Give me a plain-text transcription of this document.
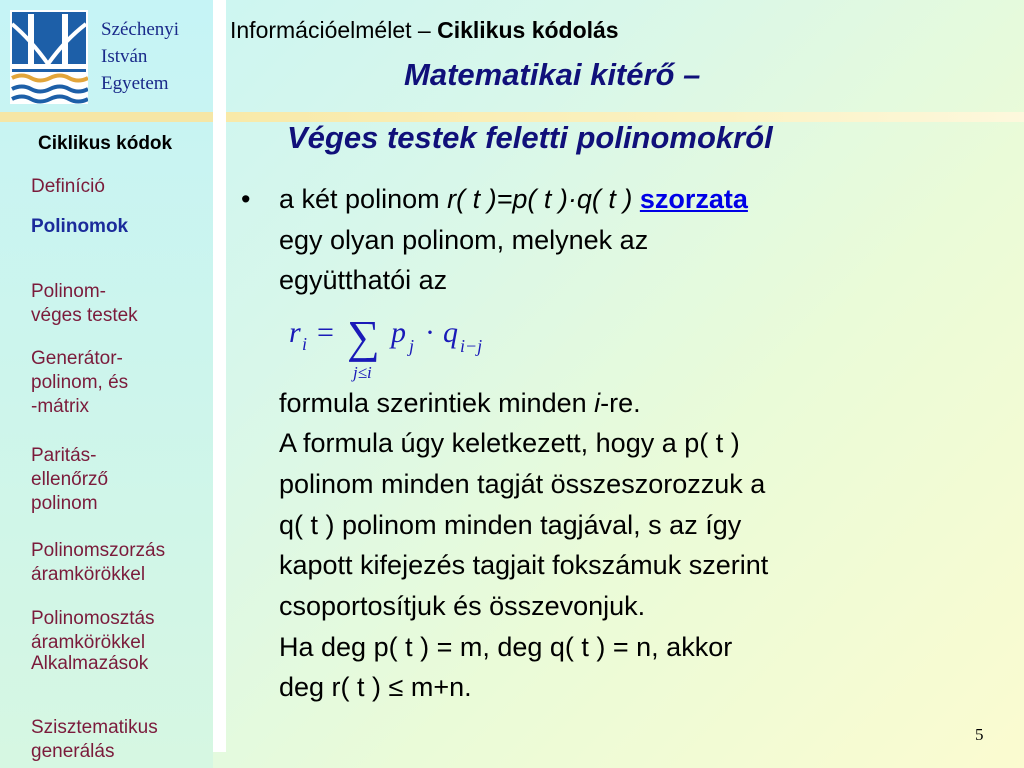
Széchenyi
István
Egyetem
Ciklikus kódok
Definíció
Polinomok

Polinom-
véges testek

Generátor-
polinom, és
-mátrix

Paritás-
ellenőrző
polinom

Polinomszorzás
áramkörökkel

Polinomosztás
áramkörökkel

Alkalmazások

Szisztematikus
generálás

Információelmélet – Ciklikus kódolás
Matematikai kitérő –
Véges testek feletti polinomokról
• a két polinom r( t )=p( t )·q( t ) szorzata
egy olyan polinom, melynek az
együtthatói az
r i = ∑
j≤i
p j · q i−j
formula szerintiek minden i-re.
A formula úgy keletkezett, hogy a p( t )
polinom minden tagját összeszorozzuk a
q( t ) polinom minden tagjával, s az így
kapott kifejezés tagjait fokszámuk szerint
csoportosítjuk és összevonjuk.
Ha deg p( t ) = m, deg q( t ) = n, akkor
deg r( t ) ≤ m+n.
5
